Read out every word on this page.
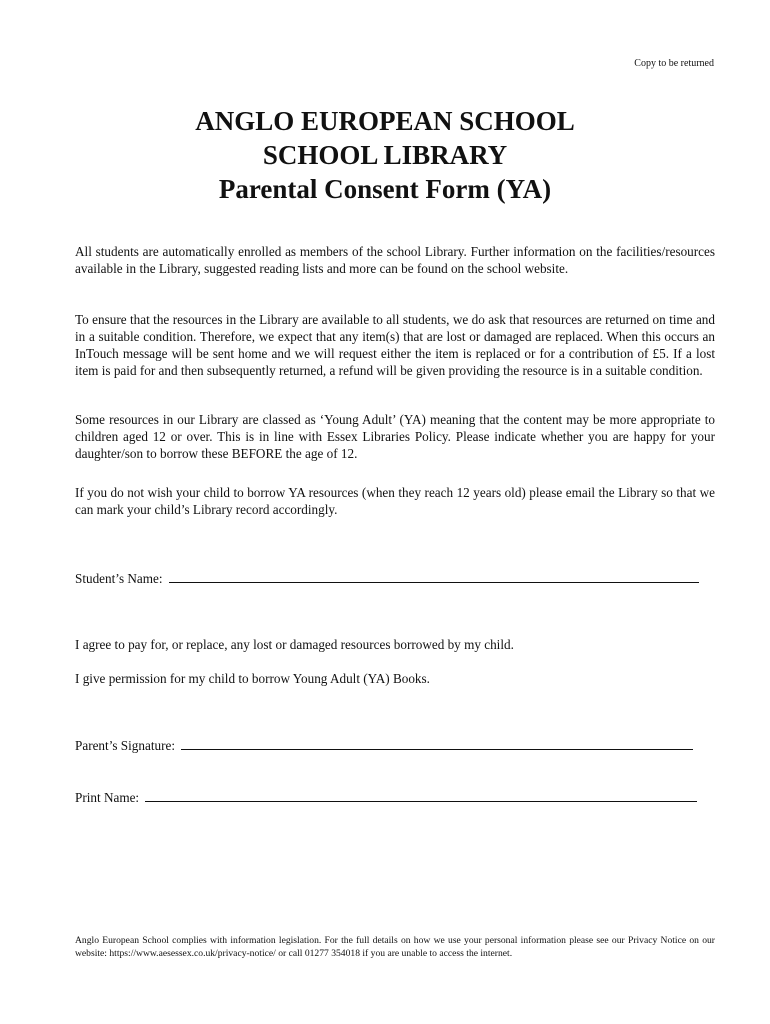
Copy to be returned
ANGLO EUROPEAN SCHOOL
SCHOOL LIBRARY
Parental Consent Form (YA)

All students are automatically enrolled as members of the school Library. Further information on the facilities/resources available in the Library, suggested reading lists and more can be found on the school website.

To ensure that the resources in the Library are available to all students, we do ask that resources are returned on time and in a suitable condition. Therefore, we expect that any item(s) that are lost or damaged are replaced. When this occurs an InTouch message will be sent home and we will request either the item is replaced or for a contribution of £5. If a lost item is paid for and then subsequently returned, a refund will be given providing the resource is in a suitable condition.

Some resources in our Library are classed as ‘Young Adult’ (YA) meaning that the content may be more appropriate to children aged 12 or over. This is in line with Essex Libraries Policy. Please indicate whether you are happy for your daughter/son to borrow these BEFORE the age of 12.

If you do not wish your child to borrow YA resources (when they reach 12 years old) please email the Library so that we can mark your child’s Library record accordingly.

Student’s Name:

I agree to pay for, or replace, any lost or damaged resources borrowed by my child.

I give permission for my child to borrow Young Adult (YA) Books.

Parent’s Signature:
Print Name:

Anglo European School complies with information legislation. For the full details on how we use your personal information please see our Privacy Notice on our website: https://www.aesessex.co.uk/privacy-notice/ or call 01277 354018 if you are unable to access the internet.
